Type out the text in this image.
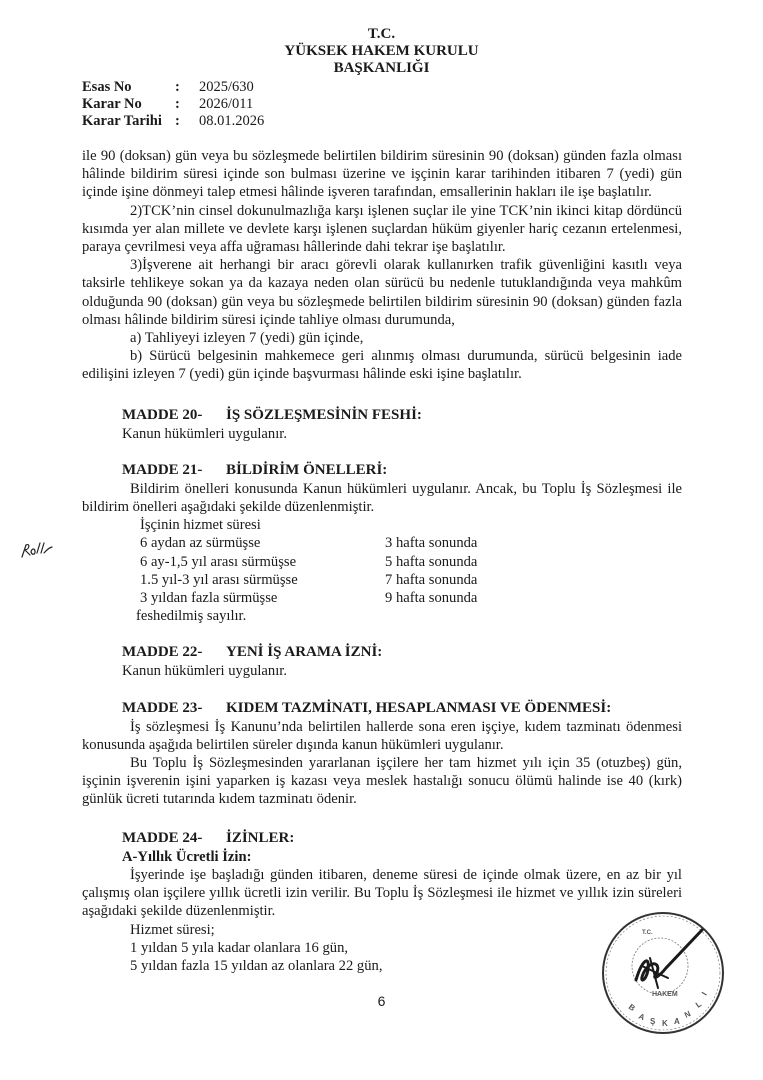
T.C.
YÜKSEK HAKEM KURULU
BAŞKANLIĞI
Esas No	:	2025/630
Karar No	:	2026/011
Karar Tarihi :	08.01.2026

ile 90 (doksan) gün veya bu sözleşmede belirtilen bildirim süresinin 90 (doksan) günden fazla olması hâlinde bildirim süresi içinde son bulması üzerine ve işçinin karar tarihinden itibaren 7 (yedi) gün içinde işine dönmeyi talep etmesi hâlinde işveren tarafından, emsallerinin hakları ile işe başlatılır.

2)TCK’nin cinsel dokunulmazlığa karşı işlenen suçlar ile yine TCK’nin ikinci kitap dördüncü kısımda yer alan millete ve devlete karşı işlenen suçlardan hüküm giyenler hariç cezanın ertelenmesi, paraya çevrilmesi veya affa uğraması hâllerinde dahi tekrar işe başlatılır.

3)İşverene ait herhangi bir aracı görevli olarak kullanırken trafik güvenliğini kasıtlı veya taksirle tehlikeye sokan ya da kazaya neden olan sürücü bu nedenle tutuklandığında veya mahkûm olduğunda 90 (doksan) gün veya bu sözleşmede belirtilen bildirim süresinin 90 (doksan) günden fazla olması hâlinde bildirim süresi içinde tahliye olması durumunda,

a) Tahliyeyi izleyen 7 (yedi) gün içinde,

b) Sürücü belgesinin mahkemece geri alınmış olması durumunda, sürücü belgesinin iade edilişini izleyen 7 (yedi) gün içinde başvurması hâlinde eski işine başlatılır.

MADDE 20- İŞ SÖZLEŞMESİNİN FESHİ:

Kanun hükümleri uygulanır.

MADDE 21- BİLDİRİM ÖNELLERİ:

Bildirim önelleri konusunda Kanun hükümleri uygulanır. Ancak, bu Toplu İş Sözleşmesi ile bildirim önelleri aşağıdaki şekilde düzenlenmiştir.

İşçinin hizmet süresi
6 aydan az sürmüşse	3 hafta sonunda
6 ay-1,5 yıl arası sürmüşse	5 hafta sonunda
1.5 yıl-3 yıl arası sürmüşse	7 hafta sonunda
3 yıldan fazla sürmüşse	9 hafta sonunda

feshedilmiş sayılır.

MADDE 22- YENİ İŞ ARAMA İZNİ:

Kanun hükümleri uygulanır.

MADDE 23- KIDEM TAZMİNATI, HESAPLANMASI VE ÖDENMESİ:

İş sözleşmesi İş Kanunu’nda belirtilen hallerde sona eren işçiye, kıdem tazminatı ödenmesi konusunda aşağıda belirtilen süreler dışında kanun hükümleri uygulanır.

Bu Toplu İş Sözleşmesinden yararlanan işçilere her tam hizmet yılı için 35 (otuzbeş) gün, işçinin işverenin işini yaparken iş kazası veya meslek hastalığı sonucu ölümü halinde ise 40 (kırk) günlük ücreti tutarında kıdem tazminatı ödenir.

MADDE 24- İZİNLER:

A-Yıllık Ücretli İzin:

İşyerinde işe başladığı günden itibaren, deneme süresi de içinde olmak üzere, en az bir yıl çalışmış olan işçilere yıllık ücretli izin verilir. Bu Toplu İş Sözleşmesi ile hizmet ve yıllık izin süreleri aşağıdaki şekilde düzenlenmiştir.

Hizmet süresi;

1 yıldan 5 yıla kadar olanlara 16 gün,

5 yıldan fazla 15 yıldan az olanlara 22 gün,

B
A Ş K A
N
L
I
HAKEM
T.C.
6
